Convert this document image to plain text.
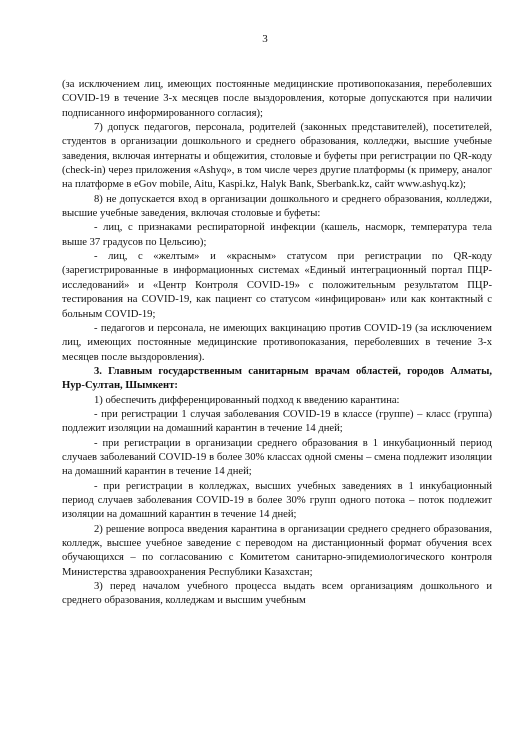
3

(за исключением лиц, имеющих постоянные медицинские противопоказания, переболевших COVID-19 в течение 3-х месяцев после выздоровления, которые допускаются при наличии подписанного информированного согласия);

7) допуск педагогов, персонала, родителей (законных представителей), посетителей, студентов в организации дошкольного и среднего образования, колледжи, высшие учебные заведения, включая интернаты и общежития, столовые и буфеты при регистрации по QR-коду (check-in) через приложения «Ashyq», в том числе через другие платформы (к примеру, аналог на платформе в eGov mobile, Aitu, Kaspi.kz, Halyk Bank, Sberbank.kz, сайт www.ashyq.kz);

8) не допускается вход в организации дошкольного и среднего образования, колледжи, высшие учебные заведения, включая столовые и буфеты:

- лиц, с признаками респираторной инфекции (кашель, насморк, температура тела выше 37 градусов по Цельсию);

- лиц, с «желтым» и «красным» статусом при регистрации по QR-коду (зарегистрированные в информационных системах «Единый интеграционный портал ПЦР-исследований» и «Центр Контроля COVID-19» с положительным результатом ПЦР-тестирования на COVID-19, как пациент со статусом «инфицирован» или как контактный с больным COVID-19;

- педагогов и персонала, не имеющих вакцинацию против COVID-19 (за исключением лиц, имеющих постоянные медицинские противопоказания, переболевших в течение 3-х месяцев после выздоровления).

3. Главным государственным санитарным врачам областей, городов Алматы, Нур-Султан, Шымкент:

1) обеспечить дифференцированный подход к введению карантина:

- при регистрации 1 случая заболевания COVID-19 в классе (группе) – класс (группа) подлежит изоляции на домашний карантин в течение 14 дней;

- при регистрации в организации среднего образования в 1 инкубационный период случаев заболеваний COVID-19 в более 30% классах одной смены – смена подлежит изоляции на домашний карантин в течение 14 дней;

- при регистрации в колледжах, высших учебных заведениях в 1 инкубационный период случаев заболевания COVID-19 в более 30% групп одного потока – поток подлежит изоляции на домашний карантин в течение 14 дней;

2) решение вопроса введения карантина в организации среднего среднего образования, колледж, высшее учебное заведение с переводом на дистанционный формат обучения всех обучающихся – по согласованию с Комитетом санитарно-эпидемиологического контроля Министерства здравоохранения Республики Казахстан;

3) перед началом учебного процесса выдать всем организациям дошкольного и среднего образования, колледжам и высшим учебным
